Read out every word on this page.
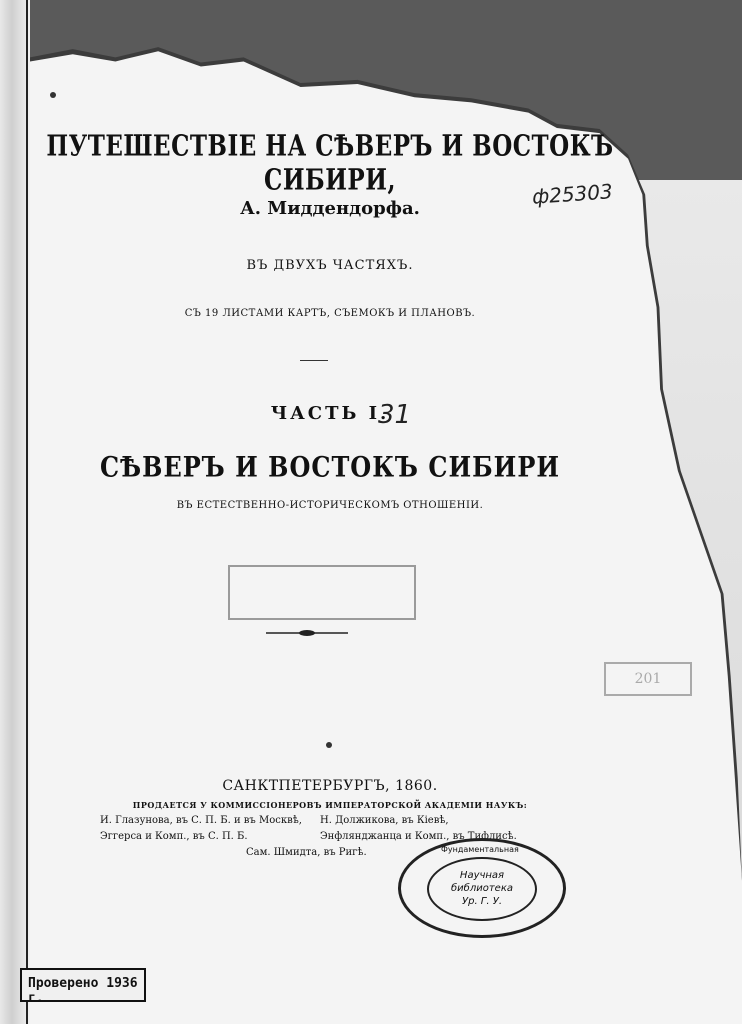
ПУТЕШЕСТВІЕ НА СѢВЕРЪ И ВОСТОКЪ СИБИРИ,
А. Миддендорфа.
ВЪ ДВУХЪ ЧАСТЯХЪ.
СЪ 19 ЛИСТАМИ КАРТЪ, СЪЕМОКЪ И ПЛАНОВЪ.
ЧАСТЬ I.
СѢВЕРЪ И ВОСТОКЪ СИБИРИ
ВЪ ЕСТЕСТВЕННО-ИСТОРИЧЕСКОМЪ ОТНОШЕНІИ.
САНКТПЕТЕРБУРГЪ, 1860.
ПРОДАЕТСЯ У КОММИССІОНЕРОВЪ ИМПЕРАТОРСКОЙ АКАДЕМІИ НАУКЪ:
И. Глазунова, въ С. П. Б. и въ Москвѣ,
Эггерса и Комп., въ С. П. Б.
Н. Должикова, въ Кіевѣ,
Энфлянджанца и Комп., въ Тифлисѣ.
Сам. Шмидта, въ Ригѣ.
ф25303
31
201
Фундаментальная
Научная
библиотека
Ур. Г. У.
Проверено 1936 г.
